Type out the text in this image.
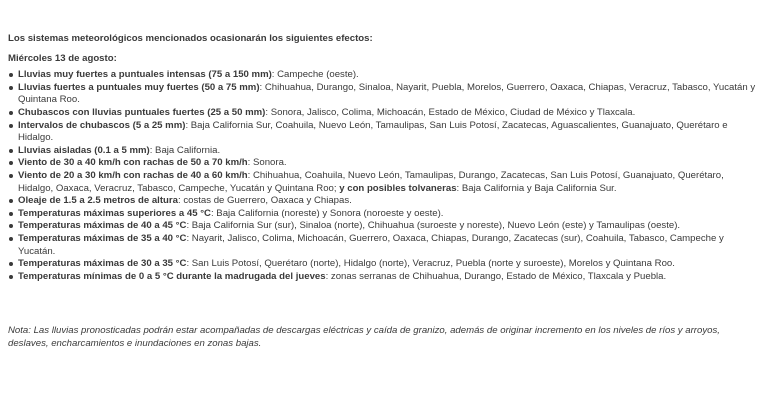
Los sistemas meteorológicos mencionados ocasionarán los siguientes efectos:

Miércoles 13 de agosto:

Lluvias muy fuertes a puntuales intensas (75 a 150 mm): Campeche (oeste).
Lluvias fuertes a puntuales muy fuertes (50 a 75 mm): Chihuahua, Durango, Sinaloa, Nayarit, Puebla, Morelos, Guerrero, Oaxaca, Chiapas, Veracruz, Tabasco, Yucatán y Quintana Roo.
Chubascos con lluvias puntuales fuertes (25 a 50 mm): Sonora, Jalisco, Colima, Michoacán, Estado de México, Ciudad de México y Tlaxcala.
Intervalos de chubascos (5 a 25 mm): Baja California Sur, Coahuila, Nuevo León, Tamaulipas, San Luis Potosí, Zacatecas, Aguascalientes, Guanajuato, Querétaro e Hidalgo.
Lluvias aisladas (0.1 a 5 mm): Baja California.
Viento de 30 a 40 km/h con rachas de 50 a 70 km/h: Sonora.
Viento de 20 a 30 km/h con rachas de 40 a 60 km/h: Chihuahua, Coahuila, Nuevo León, Tamaulipas, Durango, Zacatecas, San Luis Potosí, Guanajuato, Querétaro, Hidalgo, Oaxaca, Veracruz, Tabasco, Campeche, Yucatán y Quintana Roo; y con posibles tolvaneras: Baja California y Baja California Sur.
Oleaje de 1.5 a 2.5 metros de altura: costas de Guerrero, Oaxaca y Chiapas.
Temperaturas máximas superiores a 45 °C: Baja California (noreste) y Sonora (noroeste y oeste).
Temperaturas máximas de 40 a 45 °C: Baja California Sur (sur), Sinaloa (norte), Chihuahua (suroeste y noreste), Nuevo León (este) y Tamaulipas (oeste).
Temperaturas máximas de 35 a 40 °C: Nayarit, Jalisco, Colima, Michoacán, Guerrero, Oaxaca, Chiapas, Durango, Zacatecas (sur), Coahuila, Tabasco, Campeche y Yucatán.
Temperaturas máximas de 30 a 35 °C: San Luis Potosí, Querétaro (norte), Hidalgo (norte), Veracruz, Puebla (norte y suroeste), Morelos y Quintana Roo.
Temperaturas mínimas de 0 a 5 °C durante la madrugada del jueves: zonas serranas de Chihuahua, Durango, Estado de México, Tlaxcala y Puebla.

Nota: Las lluvias pronosticadas podrán estar acompañadas de descargas eléctricas y caída de granizo, además de originar incremento en los niveles de ríos y arroyos, deslaves, encharcamientos e inundaciones en zonas bajas.
